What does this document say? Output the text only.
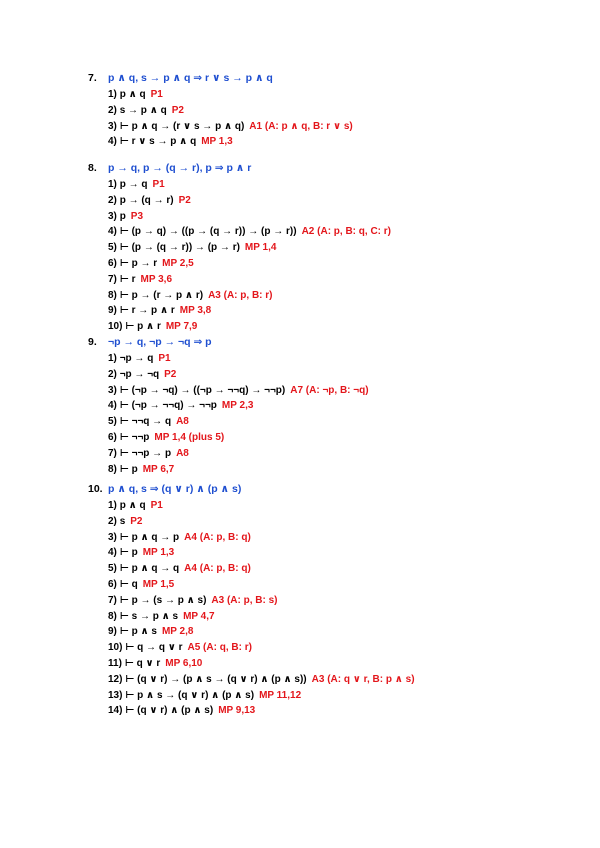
7. p ∧ q, s → p ∧ q ⇒ r ∨ s → p ∧ q
1) p ∧ q P1
2) s → p ∧ q P2
3) ⊢ p ∧ q → (r ∨ s → p ∧ q) A1 (A: p ∧ q, B: r ∨ s)
4) ⊢ r ∨ s → p ∧ q MP 1,3
8. p → q, p → (q → r), p ⇒ p ∧ r
1) p → q P1
2) p → (q → r) P2
3) p P3
4) ⊢ (p → q) → ((p → (q → r)) → (p → r)) A2 (A: p, B: q, C: r)
5) ⊢ (p → (q → r)) → (p → r) MP 1,4
6) ⊢ p → r MP 2,5
7) ⊢ r MP 3,6
8) ⊢ p → (r → p ∧ r) A3 (A: p, B: r)
9) ⊢ r → p ∧ r MP 3,8
10) ⊢ p ∧ r MP 7,9
9. ¬p → q, ¬p → ¬q ⇒ p
1) ¬p → q P1
2) ¬p → ¬q P2
3) ⊢ (¬p → ¬q) → ((¬p → ¬¬q) → ¬¬p) A7 (A: ¬p, B: ¬q)
4) ⊢ (¬p → ¬¬q) → ¬¬p MP 2,3
5) ⊢ ¬¬q → q A8
6) ⊢ ¬¬p MP 1,4 (plus 5)
7) ⊢ ¬¬p → p A8
8) ⊢ p MP 6,7
10. p ∧ q, s ⇒ (q ∨ r) ∧ (p ∧ s)
1) p ∧ q P1
2) s P2
3) ⊢ p ∧ q → p A4 (A: p, B: q)
4) ⊢ p MP 1,3
5) ⊢ p ∧ q → q A4 (A: p, B: q)
6) ⊢ q MP 1,5
7) ⊢ p → (s → p ∧ s) A3 (A: p, B: s)
8) ⊢ s → p ∧ s MP 4,7
9) ⊢ p ∧ s MP 2,8
10) ⊢ q → q ∨ r A5 (A: q, B: r)
11) ⊢ q ∨ r MP 6,10
12) ⊢ (q ∨ r) → (p ∧ s → (q ∨ r) ∧ (p ∧ s)) A3 (A: q ∨ r, B: p ∧ s)
13) ⊢ p ∧ s → (q ∨ r) ∧ (p ∧ s) MP 11,12
14) ⊢ (q ∨ r) ∧ (p ∧ s) MP 9,13
